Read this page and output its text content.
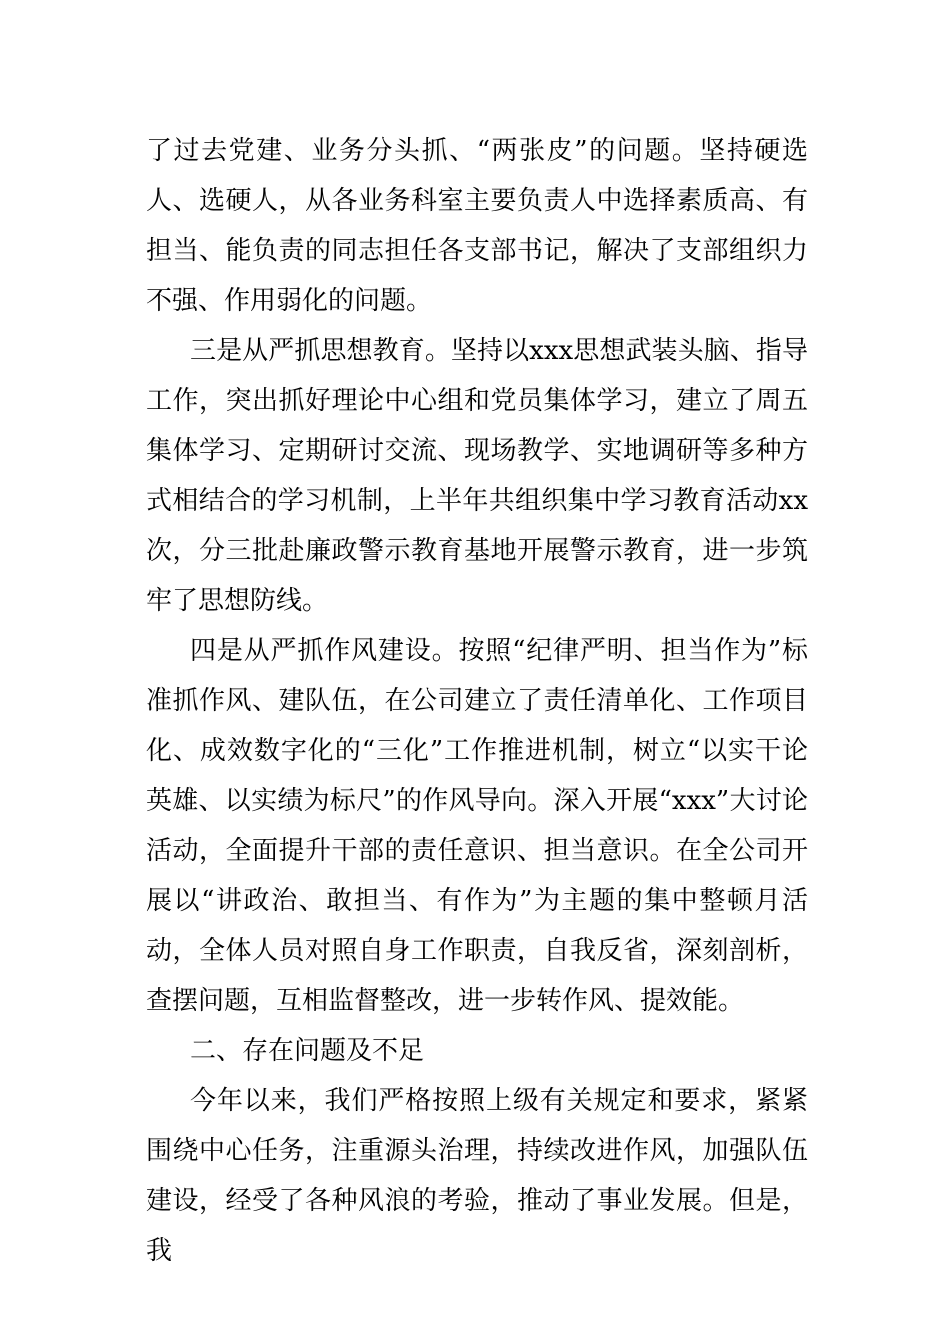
了过去党建、业务分头抓、“两张皮”的问题。坚持硬选人、选硬人，从各业务科室主要负责人中选择素质高、有担当、能负责的同志担任各支部书记，解决了支部组织力不强、作用弱化的问题。

三是从严抓思想教育。坚持以xxx思想武装头脑、指导工作，突出抓好理论中心组和党员集体学习，建立了周五集体学习、定期研讨交流、现场教学、实地调研等多种方式相结合的学习机制，上半年共组织集中学习教育活动xx次，分三批赴廉政警示教育基地开展警示教育，进一步筑牢了思想防线。

四是从严抓作风建设。按照“纪律严明、担当作为”标准抓作风、建队伍，在公司建立了责任清单化、工作项目化、成效数字化的“三化”工作推进机制，树立“以实干论英雄、以实绩为标尺”的作风导向。深入开展“xxx”大讨论活动，全面提升干部的责任意识、担当意识。在全公司开展以“讲政治、敢担当、有作为”为主题的集中整顿月活动，全体人员对照自身工作职责，自我反省，深刻剖析，查摆问题，互相监督整改，进一步转作风、提效能。

二、存在问题及不足

今年以来，我们严格按照上级有关规定和要求，紧紧围绕中心任务，注重源头治理，持续改进作风，加强队伍建设，经受了各种风浪的考验，推动了事业发展。但是，我
